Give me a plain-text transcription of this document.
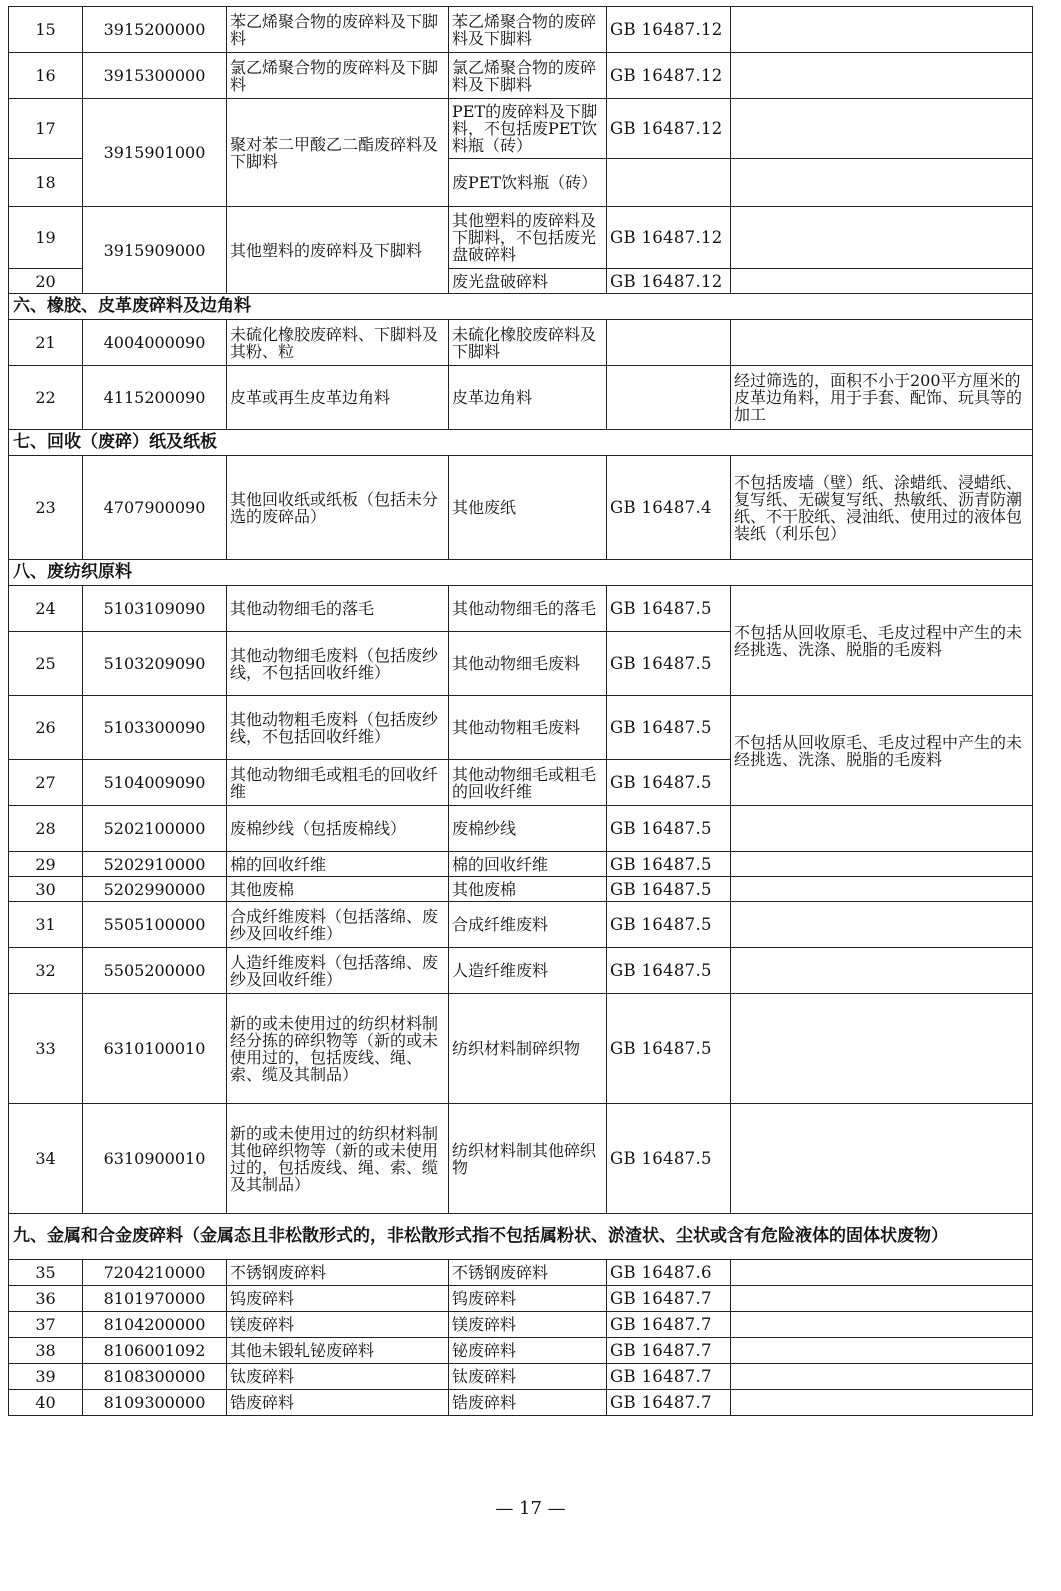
15	3915200000	苯乙烯聚合物的废碎料及下脚料	苯乙烯聚合物的废碎料及下脚料	GB 16487.12	
16	3915300000	氯乙烯聚合物的废碎料及下脚料	氯乙烯聚合物的废碎料及下脚料	GB 16487.12	
17	3915901000	聚对苯二甲酸乙二酯废碎料及下脚料	PET的废碎料及下脚料，不包括废PET饮料瓶（砖）	GB 16487.12	
18			废PET饮料瓶（砖）		
19	3915909000	其他塑料的废碎料及下脚料	其他塑料的废碎料及下脚料，不包括废光盘破碎料	GB 16487.12	
20			废光盘破碎料	GB 16487.12	
六、橡胶、皮革废碎料及边角料					
21	4004000090	未硫化橡胶废碎料、下脚料及其粉、粒	未硫化橡胶废碎料及下脚料		
22	4115200090	皮革或再生皮革边角料	皮革边角料		经过筛选的，面积不小于200平方厘米的皮革边角料，用于手套、配饰、玩具等的加工
七、回收（废碎）纸及纸板					
23	4707900090	其他回收纸或纸板（包括未分选的废碎品）	其他废纸	GB 16487.4	不包括废墙（壁）纸、涂蜡纸、浸蜡纸、复写纸、无碳复写纸、热敏纸、沥青防潮纸、不干胶纸、浸油纸、使用过的液体包装纸（利乐包）
八、废纺织原料					
24	5103109090	其他动物细毛的落毛	其他动物细毛的落毛	GB 16487.5	不包括从回收原毛、毛皮过程中产生的未经挑选、洗涤、脱脂的毛废料
25	5103209090	其他动物细毛废料（包括废纱线，不包括回收纤维）	其他动物细毛废料	GB 16487.5	
26	5103300090	其他动物粗毛废料（包括废纱线，不包括回收纤维）	其他动物粗毛废料	GB 16487.5	不包括从回收原毛、毛皮过程中产生的未经挑选、洗涤、脱脂的毛废料
27	5104009090	其他动物细毛或粗毛的回收纤维	其他动物细毛或粗毛的回收纤维	GB 16487.5	
28	5202100000	废棉纱线（包括废棉线）	废棉纱线	GB 16487.5	
29	5202910000	棉的回收纤维	棉的回收纤维	GB 16487.5	
30	5202990000	其他废棉	其他废棉	GB 16487.5	
31	5505100000	合成纤维废料（包括落绵、废纱及回收纤维）	合成纤维废料	GB 16487.5	
32	5505200000	人造纤维废料（包括落绵、废纱及回收纤维）	人造纤维废料	GB 16487.5	
33	6310100010	新的或未使用过的纺织材料制经分拣的碎织物等（新的或未使用过的，包括废线、绳、索、缆及其制品）	纺织材料制碎织物	GB 16487.5	
34	6310900010	新的或未使用过的纺织材料制其他碎织物等（新的或未使用过的，包括废线、绳、索、缆及其制品）	纺织材料制其他碎织物	GB 16487.5	
九、金属和合金废碎料（金属态且非松散形式的，非松散形式指不包括属粉状、淤渣状、尘状或含有危险液体的固体状废物）					
35	7204210000	不锈钢废碎料	不锈钢废碎料	GB 16487.6	
36	8101970000	钨废碎料	钨废碎料	GB 16487.7	
37	8104200000	镁废碎料	镁废碎料	GB 16487.7	
38	8106001092	其他未锻轧铋废碎料	铋废碎料	GB 16487.7	
39	8108300000	钛废碎料	钛废碎料	GB 16487.7	
40	8109300000	锆废碎料	锆废碎料	GB 16487.7	
— 17 —
